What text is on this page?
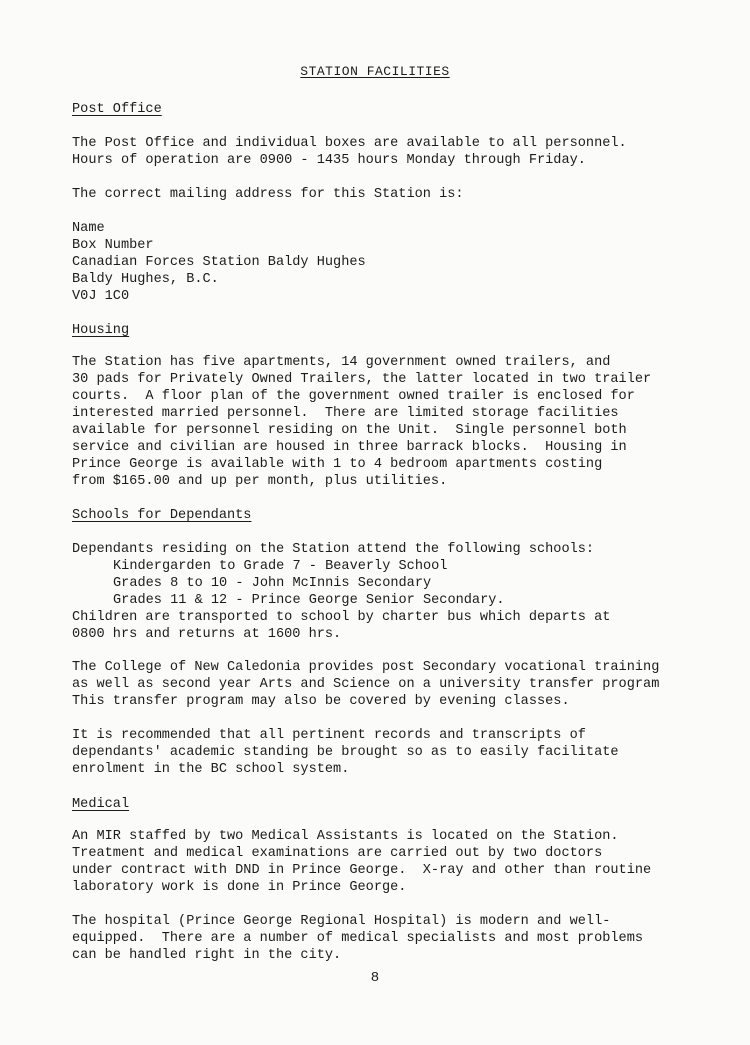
STATION FACILITIES
Post Office
The Post Office and individual boxes are available to all personnel.
Hours of operation are 0900 - 1435 hours Monday through Friday.
The correct mailing address for this Station is:
Name
Box Number
Canadian Forces Station Baldy Hughes
Baldy Hughes, B.C.
V0J 1C0
Housing
The Station has five apartments, 14 government owned trailers, and
30 pads for Privately Owned Trailers, the latter located in two trailer
courts.  A floor plan of the government owned trailer is enclosed for
interested married personnel.  There are limited storage facilities
available for personnel residing on the Unit.  Single personnel both
service and civilian are housed in three barrack blocks.  Housing in
Prince George is available with 1 to 4 bedroom apartments costing
from $165.00 and up per month, plus utilities.
Schools for Dependants
Dependants residing on the Station attend the following schools:
Kindergarden to Grade 7 - Beaverly School
Grades 8 to 10 - John McInnis Secondary
Grades 11 & 12 - Prince George Senior Secondary.
Children are transported to school by charter bus which departs at
0800 hrs and returns at 1600 hrs.
The College of New Caledonia provides post Secondary vocational training
as well as second year Arts and Science on a university transfer program
This transfer program may also be covered by evening classes.
It is recommended that all pertinent records and transcripts of
dependants' academic standing be brought so as to easily facilitate
enrolment in the BC school system.
Medical
An MIR staffed by two Medical Assistants is located on the Station.
Treatment and medical examinations are carried out by two doctors
under contract with DND in Prince George.  X-ray and other than routine
laboratory work is done in Prince George.
The hospital (Prince George Regional Hospital) is modern and well-
equipped.  There are a number of medical specialists and most problems
can be handled right in the city.
8
